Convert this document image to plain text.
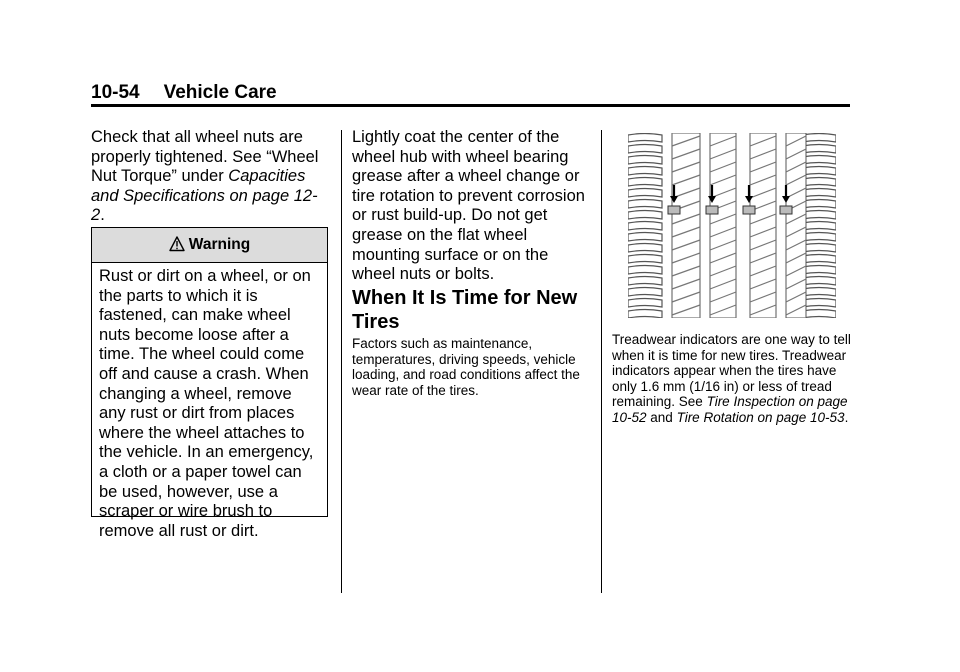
10-54 Vehicle Care

Check that all wheel nuts are properly tightened. See “Wheel Nut Torque” under Capacities and Specifications on page 12-2.

Warning
Rust or dirt on a wheel, or on the parts to which it is fastened, can make wheel nuts become loose after a time. The wheel could come off and cause a crash. When changing a wheel, remove any rust or dirt from places where the wheel attaches to the vehicle. In an emergency, a cloth or a paper towel can be used, however, use a scraper or wire brush to remove all rust or dirt.

Lightly coat the center of the wheel hub with wheel bearing grease after a wheel change or tire rotation to prevent corrosion or rust build-up. Do not get grease on the flat wheel mounting surface or on the wheel nuts or bolts.

When It Is Time for New Tires

Factors such as maintenance, temperatures, driving speeds, vehicle loading, and road conditions affect the wear rate of the tires.

Treadwear indicators are one way to tell when it is time for new tires. Treadwear indicators appear when the tires have only 1.6 mm (1/16 in) or less of tread remaining. See Tire Inspection on page 10-52 and Tire Rotation on page 10-53.
